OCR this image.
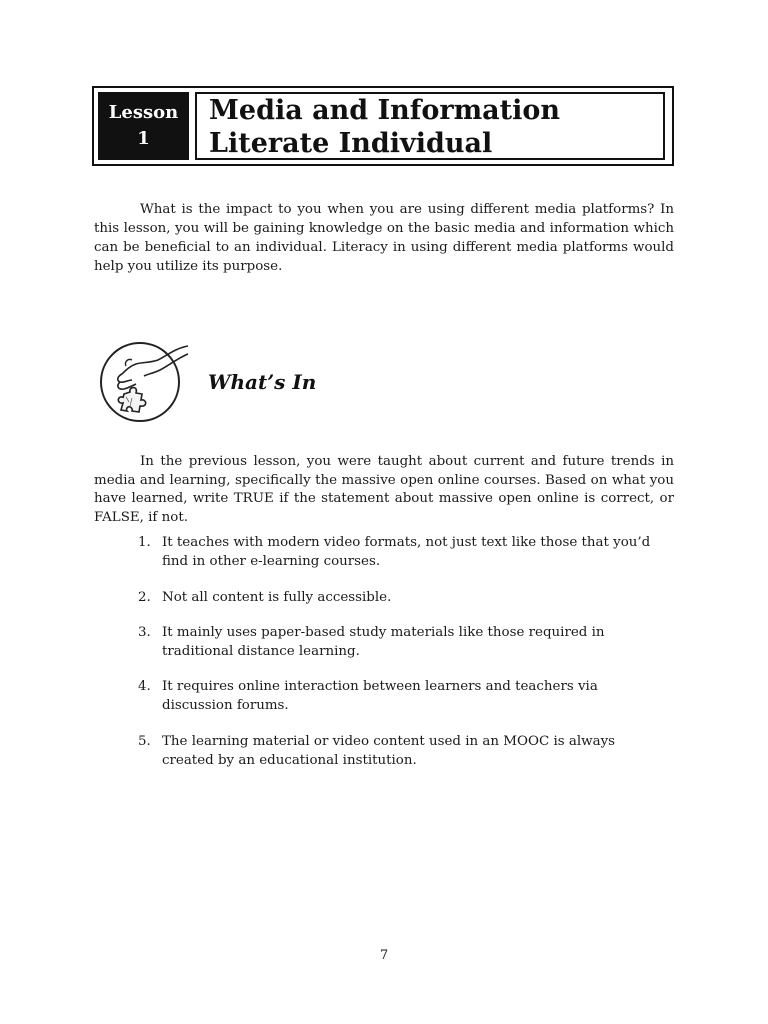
Lesson
1
Media and Information
Literate Individual

What is the impact to you when you are using different media platforms? In this lesson, you will be gaining knowledge on the basic media and information which can be beneficial to an individual. Literacy in using different media platforms would help you utilize its purpose.

What’s In

In the previous lesson, you were taught about current and future trends in media and learning, specifically the massive open online courses. Based on what you have learned, write TRUE if the statement about massive open online is correct, or FALSE, if not.

1. It teaches with modern video formats, not just text like those that you’d find in other e-learning courses.
2. Not all content is fully accessible.
3. It mainly uses paper-based study materials like those required in traditional distance learning.
4. It requires online interaction between learners and teachers via discussion forums.
5. The learning material or video content used in an MOOC is always created by an educational institution.
7
